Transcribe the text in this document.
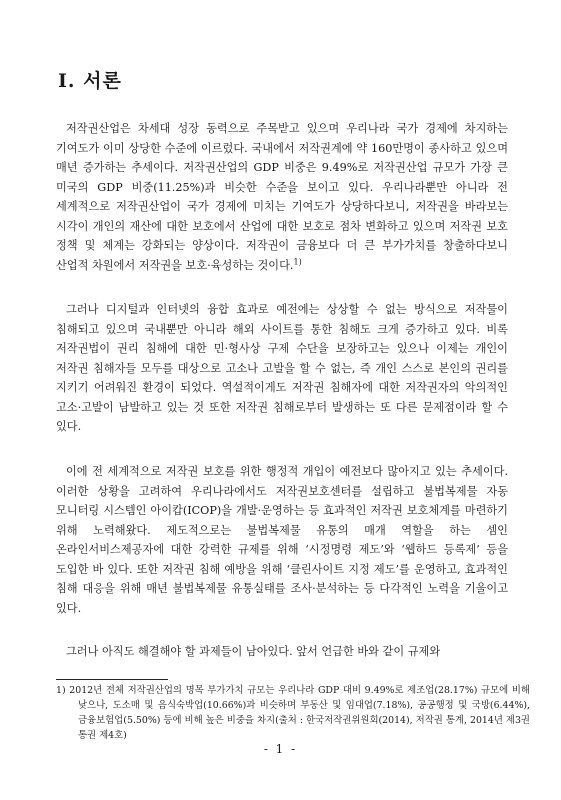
Ⅰ. 서론

저작권산업은 차세대 성장 동력으로 주목받고 있으며 우리나라 국가 경제에 차지하는 기여도가 이미 상당한 수준에 이르렀다. 국내에서 저작권계에 약 160만명이 종사하고 있으며 매년 증가하는 추세이다. 저작권산업의 GDP 비중은 9.49%로 저작권산업 규모가 가장 큰 미국의 GDP 비중(11.25%)과 비슷한 수준을 보이고 있다. 우리나라뿐만 아니라 전 세계적으로 저작권산업이 국가 경제에 미치는 기여도가 상당하다보니, 저작권을 바라보는 시각이 개인의 재산에 대한 보호에서 산업에 대한 보호로 점차 변화하고 있으며 저작권 보호 정책 및 체계는 강화되는 양상이다. 저작권이 금융보다 더 큰 부가가치를 창출하다보니 산업적 차원에서 저작권을 보호·육성하는 것이다.$^{1)}$

그러나 디지털과 인터넷의 융합 효과로 예전에는 상상할 수 없는 방식으로 저작물이 침해되고 있으며 국내뿐만 아니라 해외 사이트를 통한 침해도 크게 증가하고 있다. 비록 저작권법이 권리 침해에 대한 민·형사상 구제 수단을 보장하고는 있으나 이제는 개인이 저작권 침해자들 모두를 대상으로 고소나 고발을 할 수 없는, 즉 개인 스스로 본인의 권리를 지키기 어려워진 환경이 되었다. 역설적이게도 저작권 침해자에 대한 저작권자의 악의적인 고소·고발이 남발하고 있는 것 또한 저작권 침해로부터 발생하는 또 다른 문제점이라 할 수 있다.

이에 전 세계적으로 저작권 보호를 위한 행정적 개입이 예전보다 많아지고 있는 추세이다. 이러한 상황을 고려하여 우리나라에서도 저작권보호센터를 설립하고 불법복제물 자동 모니터링 시스템인 아이캅(ICOP)을 개발·운영하는 등 효과적인 저작권 보호체계를 마련하기 위해 노력해왔다. 제도적으로는 불법복제물 유통의 매개 역할을 하는 셈인 온라인서비스제공자에 대한 강력한 규제를 위해 ‘시정명령 제도’와 ‘웹하드 등록제’ 등을 도입한 바 있다. 또한 저작권 침해 예방을 위해 ‘클린사이트 지정 제도’를 운영하고, 효과적인 침해 대응을 위해 매년 불법복제물 유통실태를 조사·분석하는 등 다각적인 노력을 기울이고 있다.

그러나 아직도 해결해야 할 과제들이 남아있다. 앞서 언급한 바와 같이 규제와

1) 2012년 전체 저작권산업의 명목 부가가치 규모는 우리나라 GDP 대비 9.49%로 제조업(28.17%) 규모에 비해 낮으나, 도소매 및 음식숙박업(10.66%)과 비슷하며 부동산 및 임대업(7.18%), 공공행정 및 국방(6.44%), 금융보험업(5.50%) 등에 비해 높은 비중을 차지(출처 : 한국저작권위원회(2014), 저작권 통계, 2014년 제3권 통권 제4호)

- 1 -
